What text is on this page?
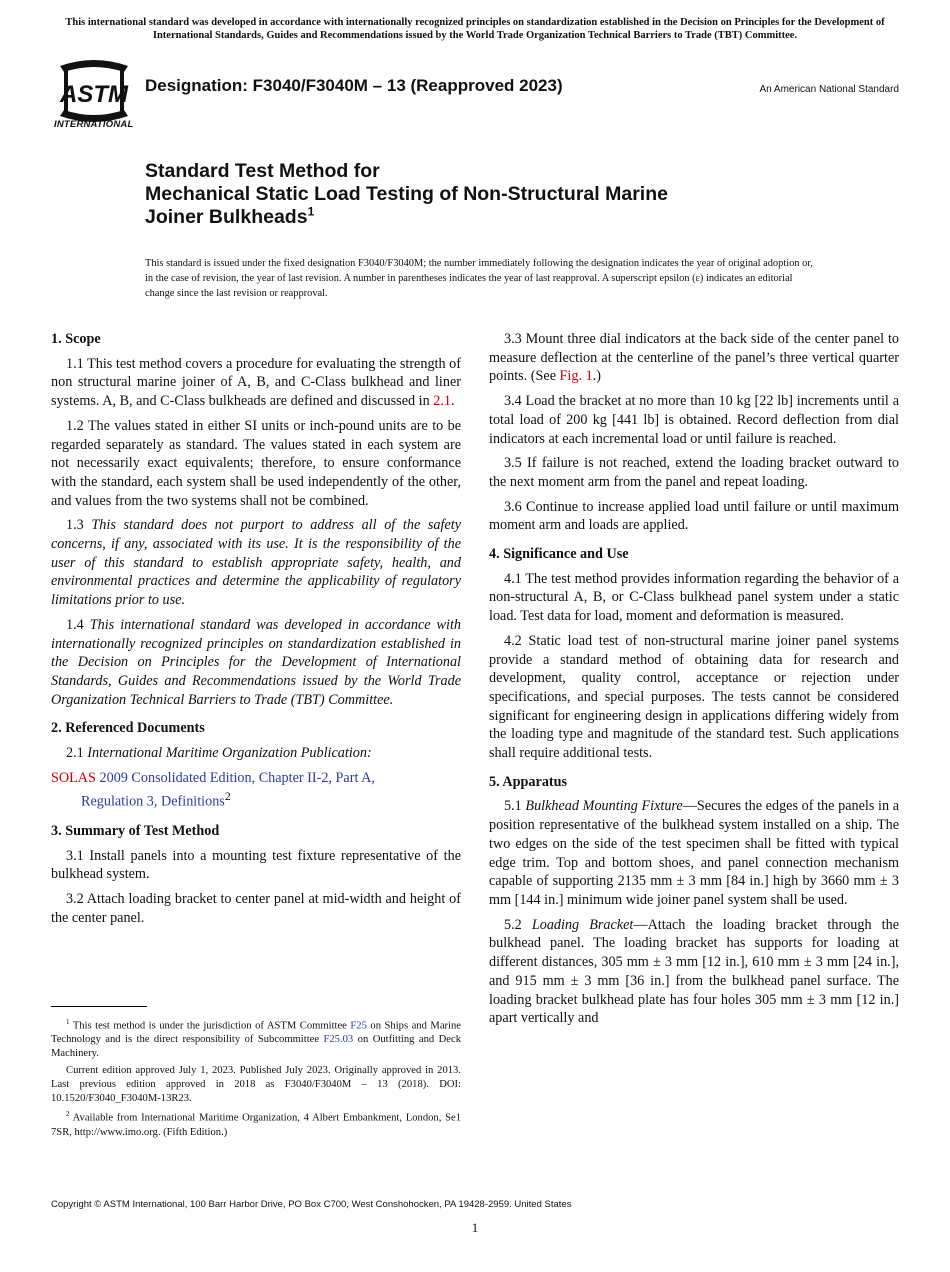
This international standard was developed in accordance with internationally recognized principles on standardization established in the Decision on Principles for the Development of International Standards, Guides and Recommendations issued by the World Trade Organization Technical Barriers to Trade (TBT) Committee.
ASTM
INTERNATIONAL
Designation: F3040/F3040M – 13 (Reapproved 2023)	An American National Standard
Standard Test Method for
Mechanical Static Load Testing of Non-Structural Marine
Joiner Bulkheads$^1$
This standard is issued under the fixed designation F3040/F3040M; the number immediately following the designation indicates the year of original adoption or, in the case of revision, the year of last revision. A number in parentheses indicates the year of last reapproval. A superscript epsilon (ε) indicates an editorial change since the last revision or reapproval.
1. Scope

1.1 This test method covers a procedure for evaluating the strength of non structural marine joiner of A, B, and C-Class bulkhead and liner systems. A, B, and C-Class bulkheads are defined and discussed in 2.1.

1.2 The values stated in either SI units or inch-pound units are to be regarded separately as standard. The values stated in each system are not necessarily exact equivalents; therefore, to ensure conformance with the standard, each system shall be used independently of the other, and values from the two systems shall not be combined.

1.3 This standard does not purport to address all of the safety concerns, if any, associated with its use. It is the responsibility of the user of this standard to establish appropriate safety, health, and environmental practices and determine the applicability of regulatory limitations prior to use.

1.4 This international standard was developed in accordance with internationally recognized principles on standardization established in the Decision on Principles for the Development of International Standards, Guides and Recommendations issued by the World Trade Organization Technical Barriers to Trade (TBT) Committee.

2. Referenced Documents

2.1 International Maritime Organization Publication:

SOLAS 2009 Consolidated Edition, Chapter II-2, Part A,
Regulation 3, Definitions$^2$

3. Summary of Test Method

3.1 Install panels into a mounting test fixture representative of the bulkhead system.

3.2 Attach loading bracket to center panel at mid-width and height of the center panel.

3.3 Mount three dial indicators at the back side of the center panel to measure deflection at the centerline of the panel’s three vertical quarter points. (See Fig. 1.)

3.4 Load the bracket at no more than 10 kg [22 lb] increments until a total load of 200 kg [441 lb] is obtained. Record deflection from dial indicators at each incremental load or until failure is reached.

3.5 If failure is not reached, extend the loading bracket outward to the next moment arm from the panel and repeat loading.

3.6 Continue to increase applied load until failure or until maximum moment arm and loads are applied.

4. Significance and Use

4.1 The test method provides information regarding the behavior of a non-structural A, B, or C-Class bulkhead panel system under a static load. Test data for load, moment and deformation is measured.

4.2 Static load test of non-structural marine joiner panel systems provide a standard method of obtaining data for research and development, quality control, acceptance or rejection under specifications, and special purposes. The tests cannot be considered significant for engineering design in applications differing widely from the loading type and magnitude of the standard test. Such applications shall require additional tests.

5. Apparatus

5.1 Bulkhead Mounting Fixture—Secures the edges of the panels in a position representative of the bulkhead system installed on a ship. The two edges on the side of the test specimen shall be fitted with typical edge trim. Top and bottom shoes, and panel connection mechanism capable of supporting 2135 mm ± 3 mm [84 in.] high by 3660 mm ± 3 mm [144 in.] minimum wide joiner panel system shall be used.

5.2 Loading Bracket—Attach the loading bracket through the bulkhead panel. The loading bracket has supports for loading at different distances, 305 mm ± 3 mm [12 in.], 610 mm ± 3 mm [24 in.], and 915 mm ± 3 mm [36 in.] from the bulkhead panel surface. The loading bracket bulkhead plate has four holes 305 mm ± 3 mm [12 in.] apart vertically and

$^1$ This test method is under the jurisdiction of ASTM Committee F25 on Ships and Marine Technology and is the direct responsibility of Subcommittee F25.03 on Outfitting and Deck Machinery.

Current edition approved July 1, 2023. Published July 2023. Originally approved in 2013. Last previous edition approved in 2018 as F3040/F3040M – 13 (2018). DOI: 10.1520/F3040_F3040M-13R23.

$^2$ Available from International Maritime Organization, 4 Albert Embankment, London, Se1 7SR, http://www.imo.org. (Fifth Edition.)

Copyright © ASTM International, 100 Barr Harbor Drive, PO Box C700, West Conshohocken, PA 19428-2959. United States
1
